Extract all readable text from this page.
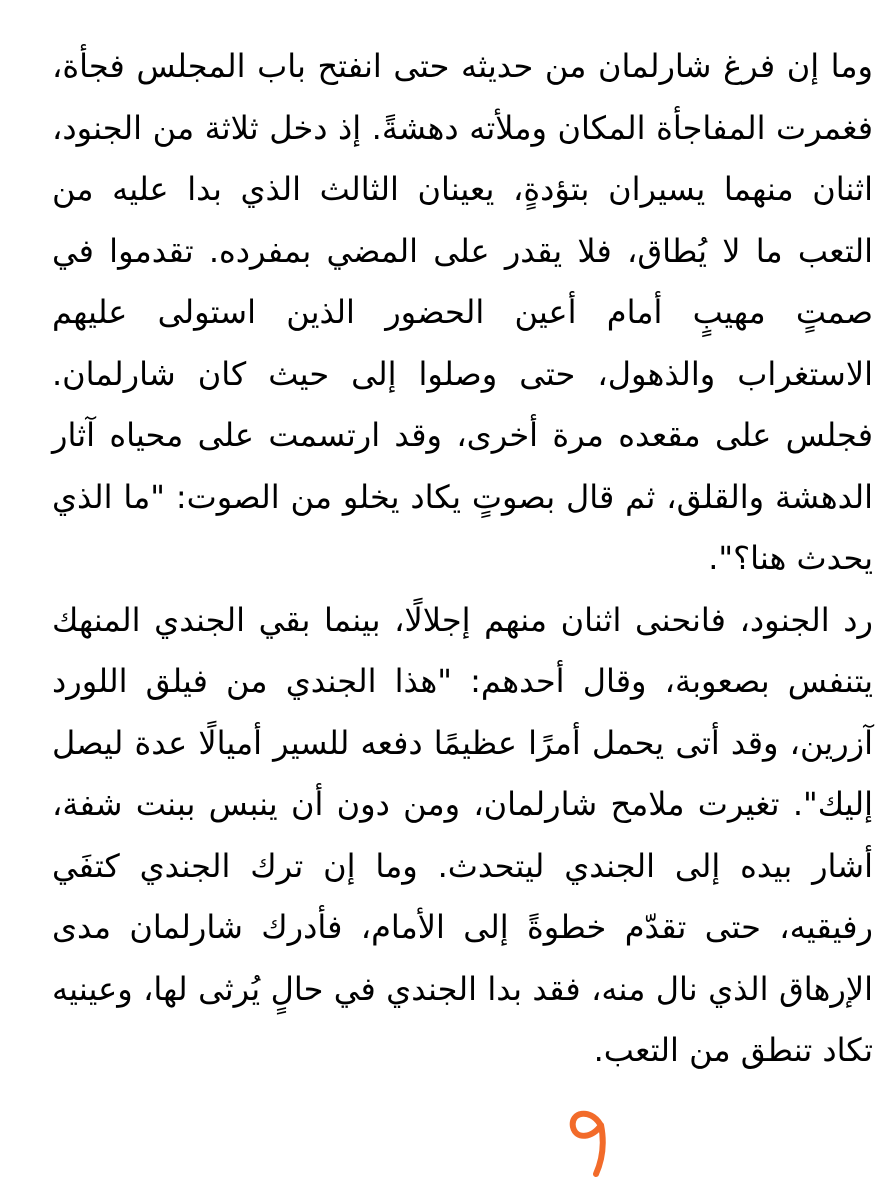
وما إن فرغ شارلمان من حديثه حتى انفتح باب المجلس فجأة، فغمرت المفاجأة المكان وملأته دهشةً. إذ دخل ثلاثة من الجنود، اثنان منهما يسيران بتؤدةٍ، يعينان الثالث الذي بدا عليه من التعب ما لا يُطاق، فلا يقدر على المضي بمفرده. تقدموا في صمتٍ مهيبٍ أمام أعين الحضور الذين استولى عليهم الاستغراب والذهول، حتى وصلوا إلى حيث كان شارلمان. فجلس على مقعده مرة أخرى، وقد ارتسمت على محياه آثار الدهشة والقلق، ثم قال بصوتٍ يكاد يخلو من الصوت: "ما الذي يحدث هنا؟".

رد الجنود، فانحنى اثنان منهم إجلالًا، بينما بقي الجندي المنهك يتنفس بصعوبة، وقال أحدهم: "هذا الجندي من فيلق اللورد آزرين، وقد أتى يحمل أمرًا عظيمًا دفعه للسير أميالًا عدة ليصل إليك". تغيرت ملامح شارلمان، ومن دون أن ينبس ببنت شفة، أشار بيده إلى الجندي ليتحدث. وما إن ترك الجندي كتفَي رفيقيه، حتى تقدّم خطوةً إلى الأمام، فأدرك شارلمان مدى الإرهاق الذي نال منه، فقد بدا الجندي في حالٍ يُرثى لها، وعينيه تكاد تنطق من التعب.
